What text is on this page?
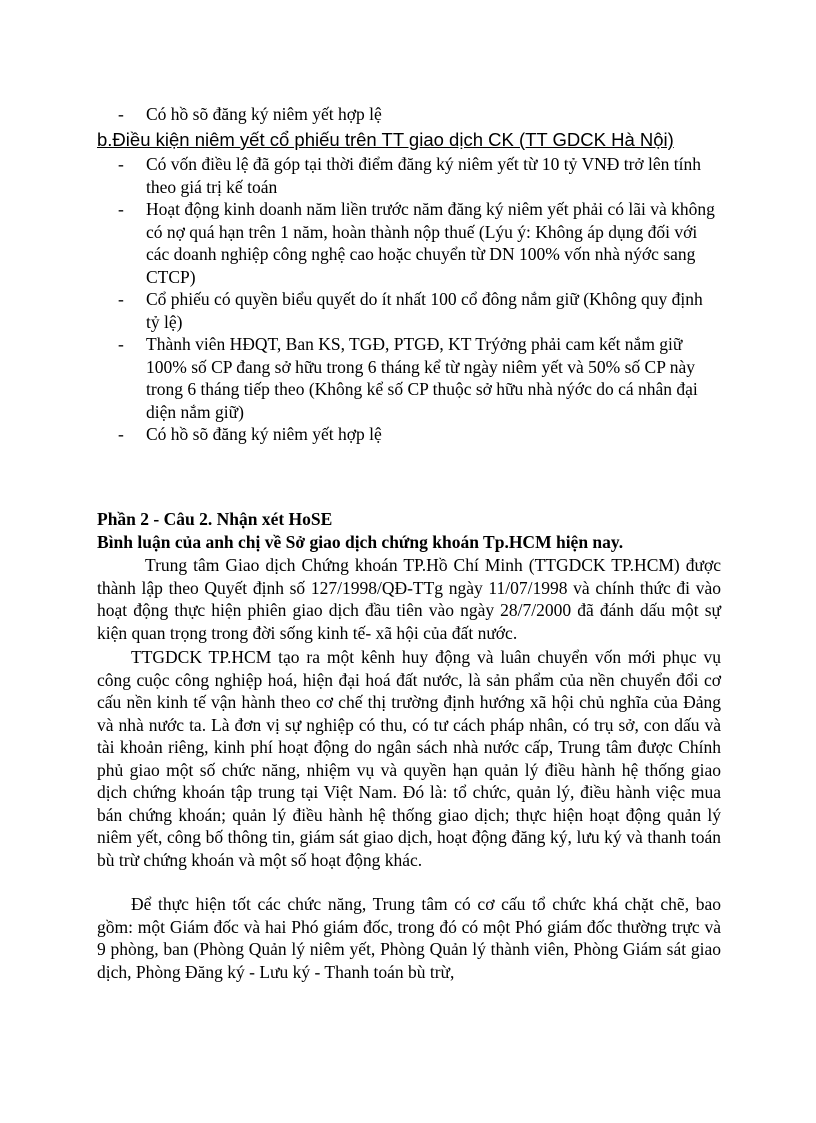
- Có hồ sõ đăng ký niêm yết hợp lệ
b.Điều kiện niêm yết cổ phiếu trên TT giao dịch CK (TT GDCK Hà Nội)
- Có vốn điều lệ đã góp tại thời điểm đăng ký niêm yết từ 10 tỷ VNĐ trở lên tính theo giá trị kế toán
- Hoạt động kinh doanh năm liền trước năm đăng ký niêm yết phải có lãi và không có nợ quá hạn trên 1 năm, hoàn thành nộp thuế (Lýu ý: Không áp dụng đối với các doanh nghiệp công nghệ cao hoặc chuyển từ DN 100% vốn nhà nýớc sang CTCP)
- Cổ phiếu có quyền biểu quyết do ít nhất 100 cổ đông nắm giữ (Không quy định tỷ lệ)
- Thành viên HĐQT, Ban KS, TGĐ, PTGĐ, KT Trýởng phải cam kết nắm giữ 100% số CP đang sở hữu trong 6 tháng kể từ ngày niêm yết và 50% số CP này trong 6 tháng tiếp theo (Không kể số CP thuộc sở hữu nhà nýớc do cá nhân đại diện nắm giữ)
- Có hồ sõ đăng ký niêm yết hợp lệ
Phần 2 - Câu 2. Nhận xét HoSE
Bình luận của anh chị về Sở giao dịch chứng khoán Tp.HCM hiện nay.

Trung tâm Giao dịch Chứng khoán TP.Hồ Chí Minh (TTGDCK TP.HCM) được thành lập theo Quyết định số 127/1998/QĐ-TTg ngày 11/07/1998 và chính thức đi vào hoạt động thực hiện phiên giao dịch đầu tiên vào ngày 28/7/2000 đã đánh dấu một sự kiện quan trọng trong đời sống kinh tế- xã hội của đất nước.

TTGDCK TP.HCM tạo ra một kênh huy động và luân chuyển vốn mới phục vụ công cuộc công nghiệp hoá, hiện đại hoá đất nước, là sản phẩm của nền chuyển đổi cơ cấu nền kinh tế vận hành theo cơ chế thị trường định hướng xã hội chủ nghĩa của Đảng và nhà nước ta. Là đơn vị sự nghiệp có thu, có tư cách pháp nhân, có trụ sở, con dấu và tài khoản riêng, kinh phí hoạt động do ngân sách nhà nước cấp, Trung tâm được Chính phủ giao một số chức năng, nhiệm vụ và quyền hạn quản lý điều hành hệ thống giao dịch chứng khoán tập trung tại Việt Nam. Đó là: tổ chức, quản lý, điều hành việc mua bán chứng khoán; quản lý điều hành hệ thống giao dịch; thực hiện hoạt động quản lý niêm yết, công bố thông tin, giám sát giao dịch, hoạt động đăng ký, lưu ký và thanh toán bù trừ chứng khoán và một số hoạt động khác.

Để thực hiện tốt các chức năng, Trung tâm có cơ cấu tổ chức khá chặt chẽ, bao gồm: một Giám đốc và hai Phó giám đốc, trong đó có một Phó giám đốc thường trực và 9 phòng, ban (Phòng Quản lý niêm yết, Phòng Quản lý thành viên, Phòng Giám sát giao dịch, Phòng Đăng ký - Lưu ký - Thanh toán bù trừ,
